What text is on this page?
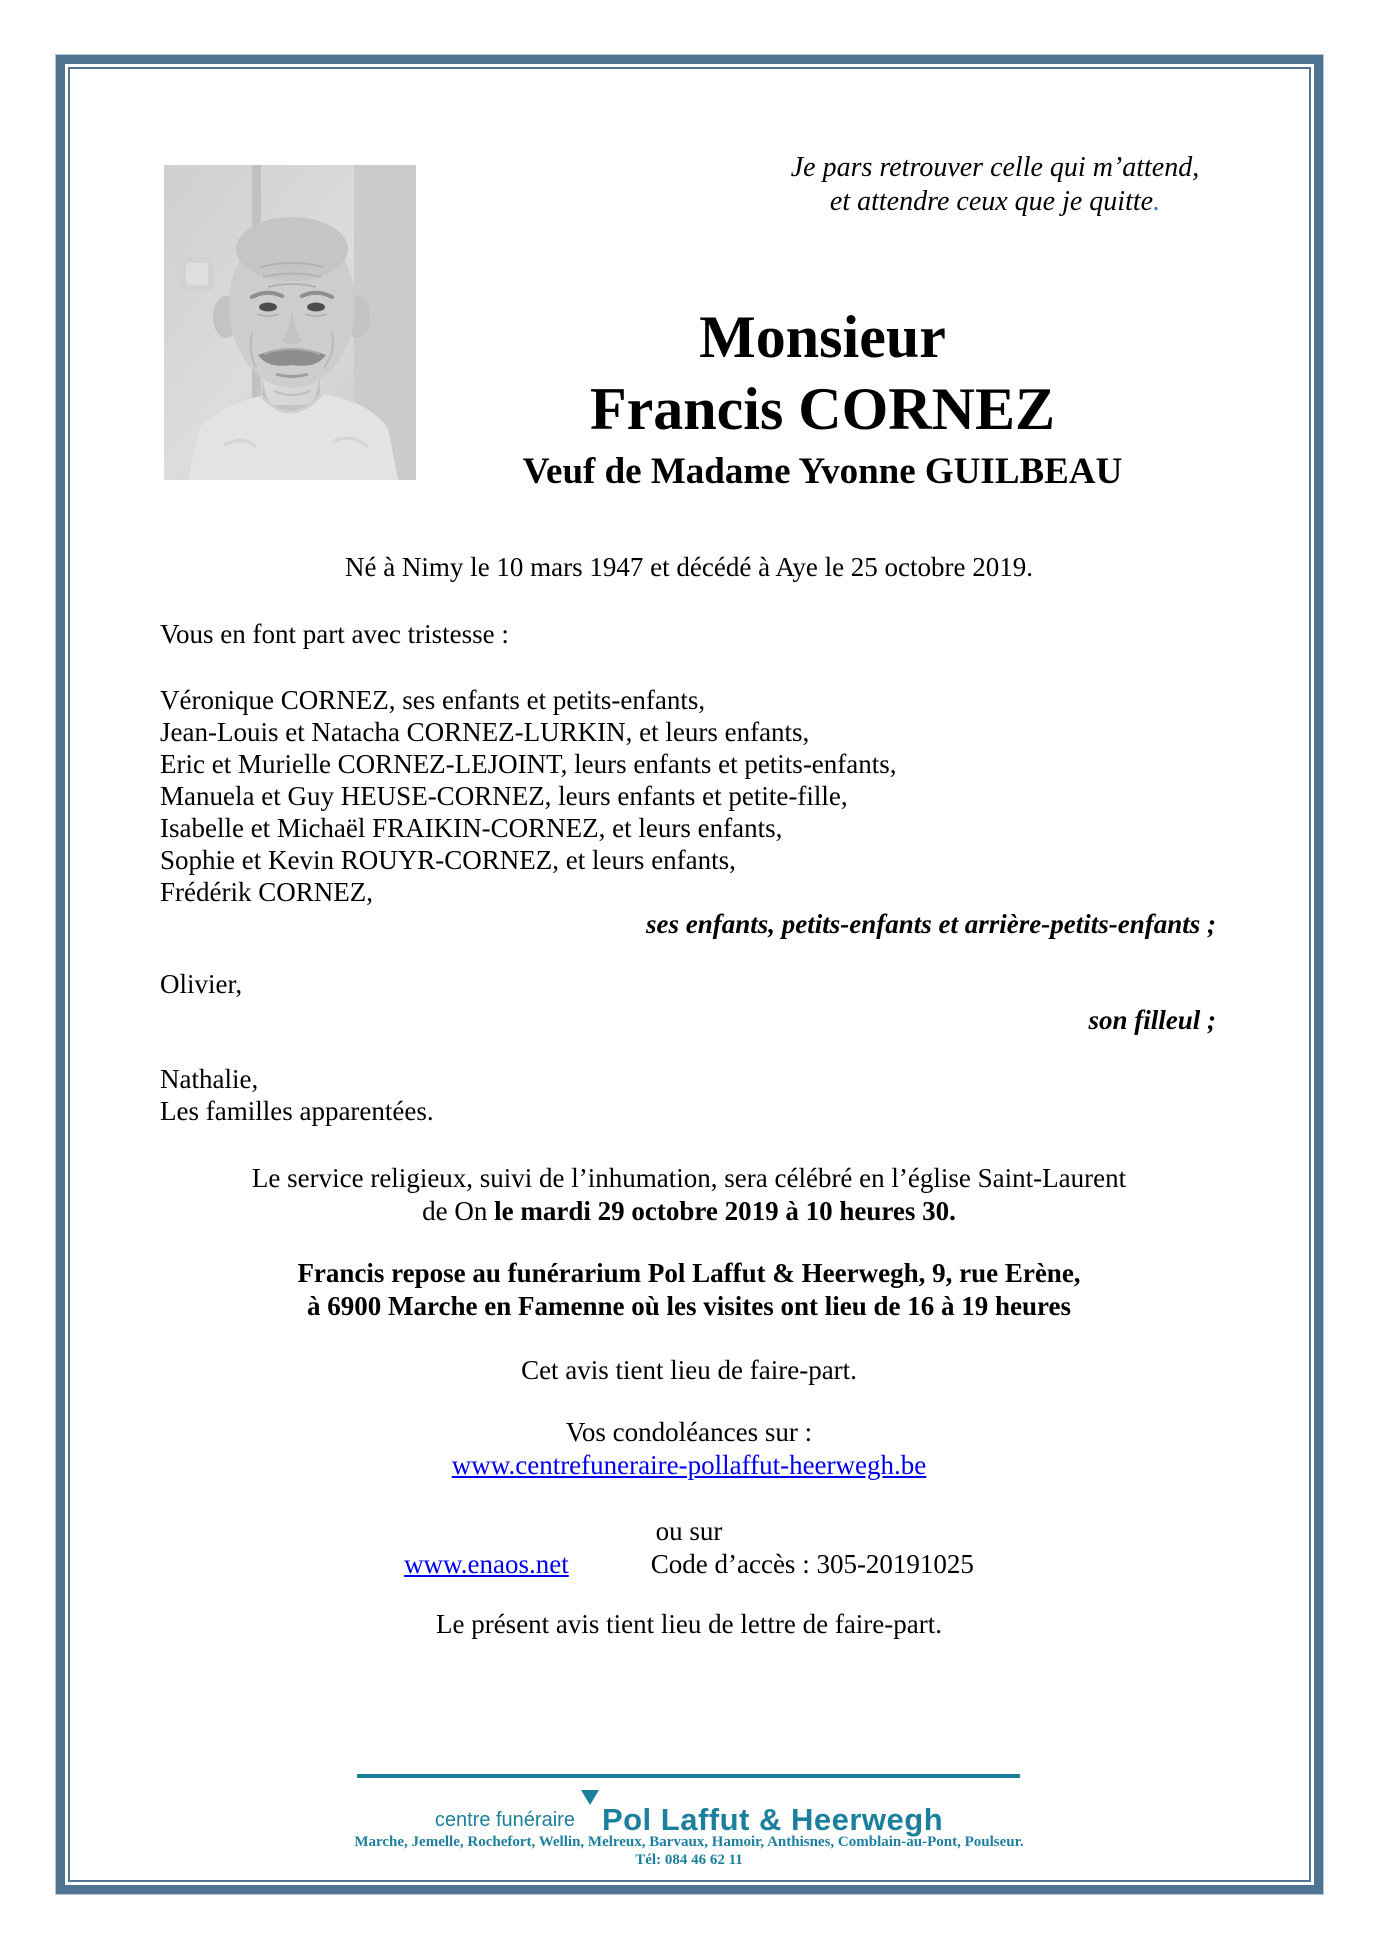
Je pars retrouver celle qui m’attend,
et attendre ceux que je quitte.
Monsieur
Francis CORNEZ
Veuf de Madame Yvonne GUILBEAU
Né à Nimy le 10 mars 1947 et décédé à Aye le 25 octobre 2019.
Vous en font part avec tristesse :
Véronique CORNEZ, ses enfants et petits-enfants,
Jean-Louis et Natacha CORNEZ-LURKIN, et leurs enfants,
Eric et Murielle CORNEZ-LEJOINT, leurs enfants et petits-enfants,
Manuela et Guy HEUSE-CORNEZ, leurs enfants et petite-fille,
Isabelle et Michaël FRAIKIN-CORNEZ, et leurs enfants,
Sophie et Kevin ROUYR-CORNEZ, et leurs enfants,
Frédérik CORNEZ,
ses enfants, petits-enfants et arrière-petits-enfants ;
Olivier,
son filleul ;
Nathalie,
Les familles apparentées.
Le service religieux, suivi de l’inhumation, sera célébré en l’église Saint-Laurent
de On le mardi 29 octobre 2019 à 10 heures 30.
Francis repose au funérarium Pol Laffut & Heerwegh, 9, rue Erène,
à 6900 Marche en Famenne où les visites ont lieu de 16 à 19 heures
Cet avis tient lieu de faire-part.
Vos condoléances sur :
www.centrefuneraire-pollaffut-heerwegh.be
ou sur
www.enaos.net	Code d’accès : 305-20191025
Le présent avis tient lieu de lettre de faire-part.
centre funéraire Pol Laffut & Heerwegh
Marche, Jemelle, Rochefort, Wellin, Melreux, Barvaux, Hamoir, Anthisnes, Comblain-au-Pont, Poulseur.
Tél: 084 46 62 11
